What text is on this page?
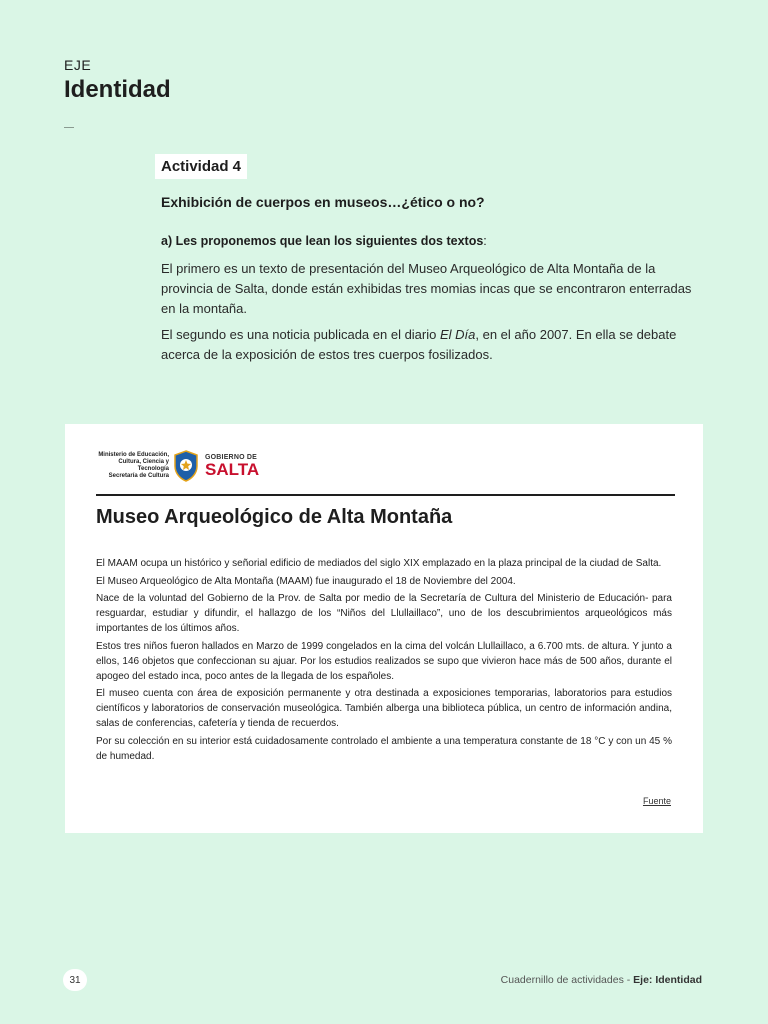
EJE
Identidad
Actividad 4
Exhibición de cuerpos en museos…¿ético o no?
a) Les proponemos que lean los siguientes dos textos:
El primero es un texto de presentación del Museo Arqueológico de Alta Montaña de la provincia de Salta, donde están exhibidas tres momias incas que se encontraron enterradas en la montaña.
El segundo es una noticia publicada en el diario El Día, en el año 2007. En ella se debate acerca de la exposición de estos tres cuerpos fosilizados.
Ministerio de Educación,
Cultura, Ciencia y Tecnología
Secretaría de Cultura
GOBIERNO DE
SALTA
Museo Arqueológico de Alta Montaña

El MAAM ocupa un histórico y señorial edificio de mediados del siglo XIX emplazado en la plaza principal de la ciudad de Salta.

El Museo Arqueológico de Alta Montaña (MAAM) fue inaugurado el 18 de Noviembre del 2004.

Nace de la voluntad del Gobierno de la Prov. de Salta por medio de la Secretaría de Cultura del Ministerio de Educación- para resguardar, estudiar y difundir, el hallazgo de los “Niños del Llullaillaco”, uno de los descubrimientos arqueológicos más importantes de los últimos años.

Estos tres niños fueron hallados en Marzo de 1999 congelados en la cima del volcán Llullaillaco, a 6.700 mts. de altura. Y junto a ellos, 146 objetos que confeccionan su ajuar. Por los estudios realizados se supo que vivieron hace más de 500 años, durante el apogeo del estado inca, poco antes de la llegada de los españoles.

El museo cuenta con área de exposición permanente y otra destinada a exposiciones temporarias, laboratorios para estudios científicos y laboratorios de conservación museológica. También alberga una biblioteca pública, un centro de información andina, salas de conferencias, cafetería y tienda de recuerdos.

Por su colección en su interior está cuidadosamente controlado el ambiente a una temperatura constante de 18 °C y con un 45 % de humedad.

Fuente
31	Cuadernillo de actividades - Eje: Identidad
